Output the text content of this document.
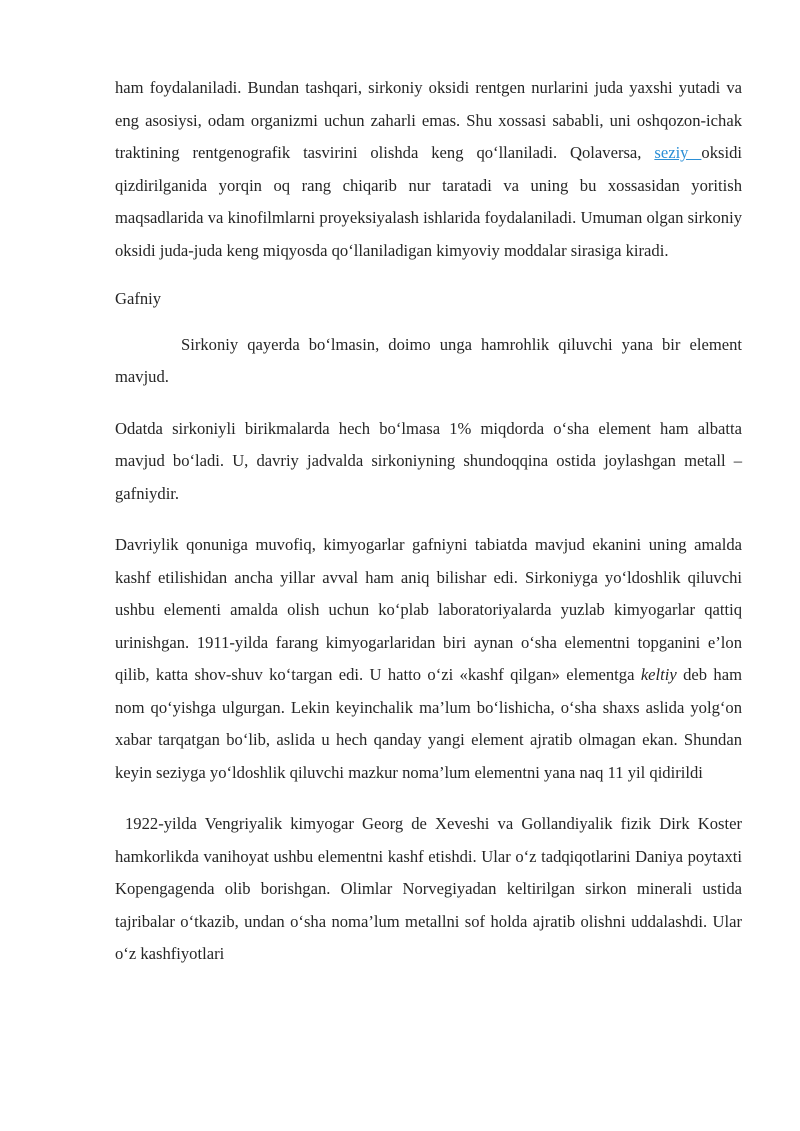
ham foydalaniladi. Bundan tashqari, sirkoniy oksidi rentgen nurlarini juda yaxshi yutadi va eng asosiysi, odam organizmi uchun zaharli emas. Shu xossasi sababli, uni oshqozon-ichak traktining rentgenografik tasvirini olishda keng qo‘llaniladi. Qolaversa, seziy oksidi qizdirilganida yorqin oq rang chiqarib nur taratadi va uning bu xossasidan yoritish maqsadlarida va kinofilmlarni proyeksiyalash ishlarida foydalaniladi. Umuman olgan sirkoniy oksidi juda-juda keng miqyosda qo‘llaniladigan kimyoviy moddalar sirasiga kiradi.

Gafniy

Sirkoniy qayerda bo‘lmasin, doimo unga hamrohlik qiluvchi yana bir element mavjud.

Odatda sirkoniyli birikmalarda hech bo‘lmasa 1% miqdorda o‘sha element ham albatta mavjud bo‘ladi. U, davriy jadvalda sirkoniyning shundoqqina ostida joylashgan metall – gafniydir.

Davriylik qonuniga muvofiq, kimyogarlar gafniyni tabiatda mavjud ekanini uning amalda kashf etilishidan ancha yillar avval ham aniq bilishar edi. Sirkoniyga yo‘ldoshlik qiluvchi ushbu elementi amalda olish uchun ko‘plab laboratoriyalarda yuzlab kimyogarlar qattiq urinishgan. 1911-yilda farang kimyogarlaridan biri aynan o‘sha elementni topganini e’lon qilib, katta shov-shuv ko‘targan edi. U hatto o‘zi «kashf qilgan» elementga keltiy deb ham nom qo‘yishga ulgurgan. Lekin keyinchalik ma’lum bo‘lishicha, o‘sha shaxs aslida yolg‘on xabar tarqatgan bo‘lib, aslida u hech qanday yangi element ajratib olmagan ekan. Shundan keyin seziyga yo‘ldoshlik qiluvchi mazkur noma’lum elementni yana naq 11 yil qidirildi

1922-yilda Vengriyalik kimyogar Georg de Xeveshi va Gollandiyalik fizik Dirk Koster hamkorlikda vanihoyat ushbu elementni kashf etishdi. Ular o‘z tadqiqotlarini Daniya poytaxti Kopengagenda olib borishgan. Olimlar Norvegiyadan keltirilgan sirkon minerali ustida tajribalar o‘tkazib, undan o‘sha noma’lum metallni sof holda ajratib olishni uddalashdi. Ular o‘z kashfiyotlari
